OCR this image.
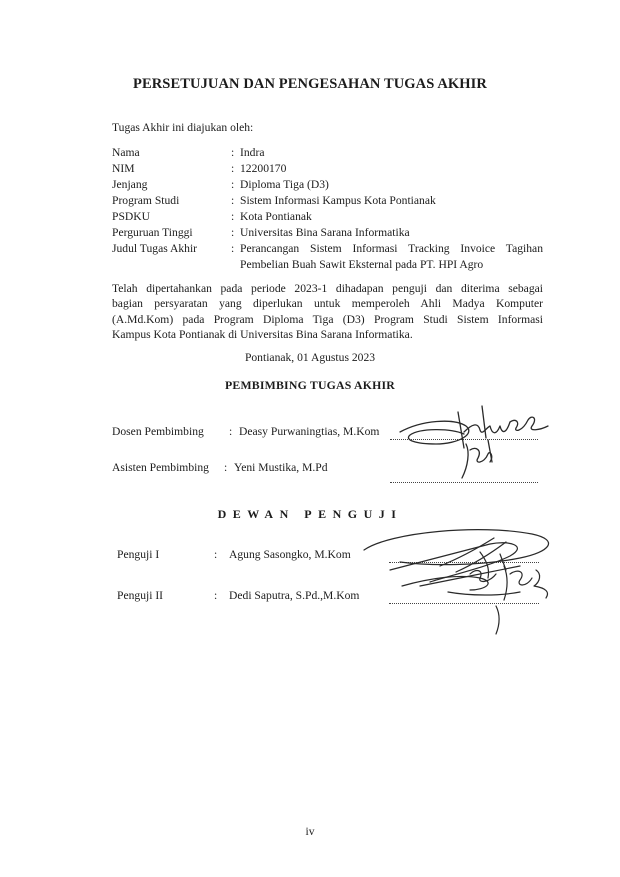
PERSETUJUAN DAN PENGESAHAN TUGAS AKHIR
Tugas Akhir ini diajukan oleh:
Nama	: Indra
NIM	: 12200170
Jenjang	: Diploma Tiga (D3)
Program Studi	: Sistem Informasi Kampus Kota Pontianak
PSDKU	: Kota Pontianak
Perguruan Tinggi	: Universitas Bina Sarana Informatika
Judul Tugas Akhir	: Perancangan Sistem Informasi Tracking Invoice Tagihan
Pembelian Buah Sawit Eksternal pada PT. HPI Agro
Telah dipertahankan pada periode 2023-1 dihadapan penguji dan diterima sebagai
bagian persyaratan yang diperlukan untuk memperoleh Ahli Madya Komputer
(A.Md.Kom) pada Program Diploma Tiga (D3) Program Studi Sistem Informasi
Kampus Kota Pontianak di Universitas Bina Sarana Informatika.
Pontianak, 01 Agustus 2023
PEMBIMBING TUGAS AKHIR
Dosen Pembimbing : Deasy Purwaningtias, M.Kom
Asisten Pembimbing : Yeni Mustika, M.Pd
DEWAN PENGUJI
Penguji I	: Agung Sasongko, M.Kom
Penguji II	: Dedi Saputra, S.Pd.,M.Kom
iv
